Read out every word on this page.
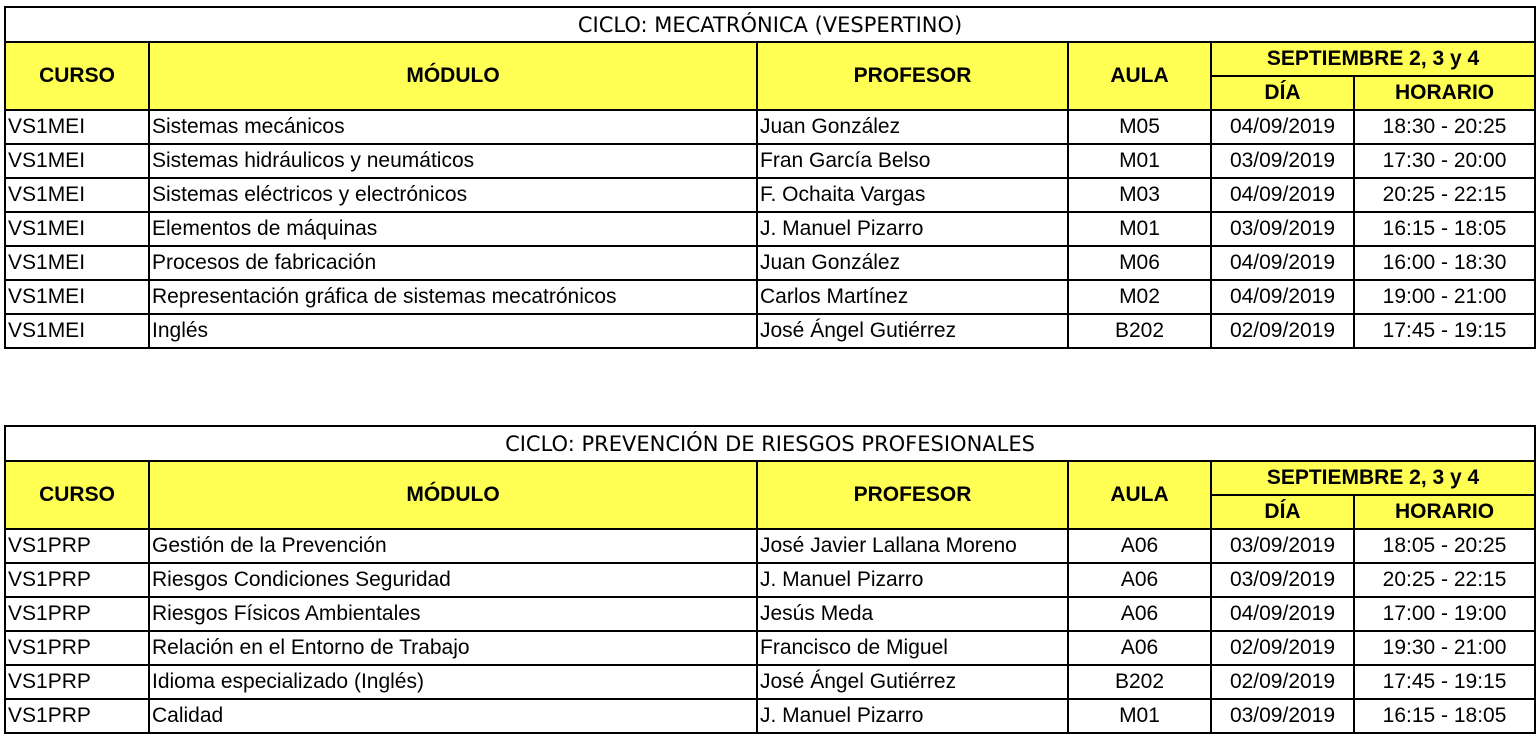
CICLO: MECATRÓNICA (VESPERTINO)					
CURSO	MÓDULO	PROFESOR	AULA	SEPTIEMBRE 2, 3 y 4	
				DÍA	HORARIO
VS1MEI	Sistemas mecánicos	Juan González	M05	04/09/2019	18:30 - 20:25
VS1MEI	Sistemas hidráulicos y neumáticos	Fran García Belso	M01	03/09/2019	17:30 - 20:00
VS1MEI	Sistemas eléctricos y electrónicos	F. Ochaita Vargas	M03	04/09/2019	20:25 - 22:15
VS1MEI	Elementos de máquinas	J. Manuel Pizarro	M01	03/09/2019	16:15 - 18:05
VS1MEI	Procesos de fabricación	Juan González	M06	04/09/2019	16:00 - 18:30
VS1MEI	Representación gráfica de sistemas mecatrónicos	Carlos Martínez	M02	04/09/2019	19:00 - 21:00
VS1MEI	Inglés	José Ángel Gutiérrez	B202	02/09/2019	17:45 - 19:15
CICLO: PREVENCIÓN DE RIESGOS PROFESIONALES					
CURSO	MÓDULO	PROFESOR	AULA	SEPTIEMBRE 2, 3 y 4	
				DÍA	HORARIO
VS1PRP	Gestión de la Prevención	José Javier Lallana Moreno	A06	03/09/2019	18:05 - 20:25
VS1PRP	Riesgos Condiciones Seguridad	J. Manuel Pizarro	A06	03/09/2019	20:25 - 22:15
VS1PRP	Riesgos Físicos Ambientales	Jesús Meda	A06	04/09/2019	17:00 - 19:00
VS1PRP	Relación en el Entorno de Trabajo	Francisco de Miguel	A06	02/09/2019	19:30 - 21:00
VS1PRP	Idioma especializado (Inglés)	José Ángel Gutiérrez	B202	02/09/2019	17:45 - 19:15
VS1PRP	Calidad	J. Manuel Pizarro	M01	03/09/2019	16:15 - 18:05
